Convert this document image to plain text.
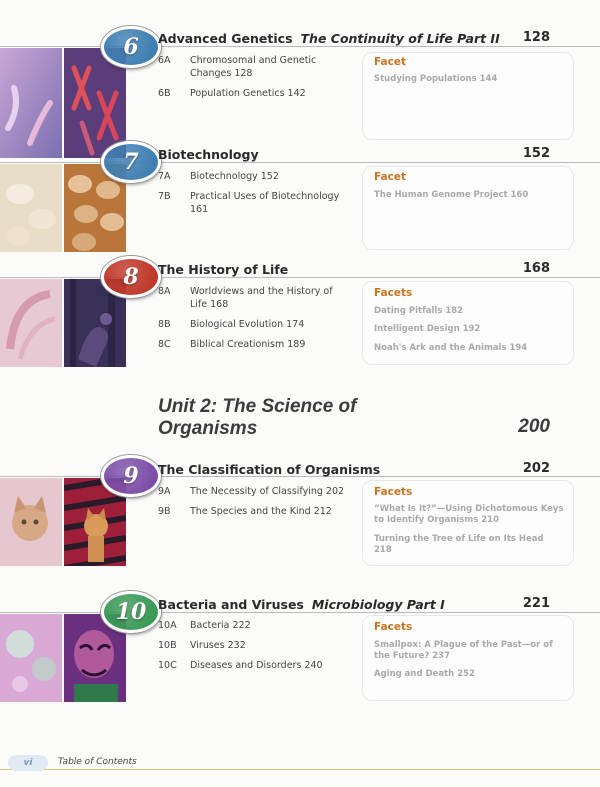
6 Advanced Genetics The Continuity of Life Part II 128
6A	Chromosomal and Genetic Changes 128
6B	Population Genetics 142
Facet
Studying Populations 144
7 Biotechnology	152
7A	Biotechnology 152
7B	Practical Uses of Biotechnology 161
Facet
The Human Genome Project 160
8 The History of Life	168
8A	Worldviews and the History of Life 168
8B	Biological Evolution 174
8C	Biblical Creationism 189
Facets
Dating Pitfalls 182
Intelligent Design 192
Noah's Ark and the Animals 194
Unit 2: The Science of Organisms	200
9 The Classification of Organisms	202
9A	The Necessity of Classifying 202
9B	The Species and the Kind 212
Facets
“What Is It?”—Using Dichotomous Keys to Identify Organisms 210
Turning the Tree of Life on Its Head 218
10 Bacteria and Viruses Microbiology Part I	221
10A	Bacteria 222
10B	Viruses 232
10C	Diseases and Disorders 240
Facets
Smallpox: A Plague of the Past—or of the Future? 237
Aging and Death 252
vi	Table of Contents
